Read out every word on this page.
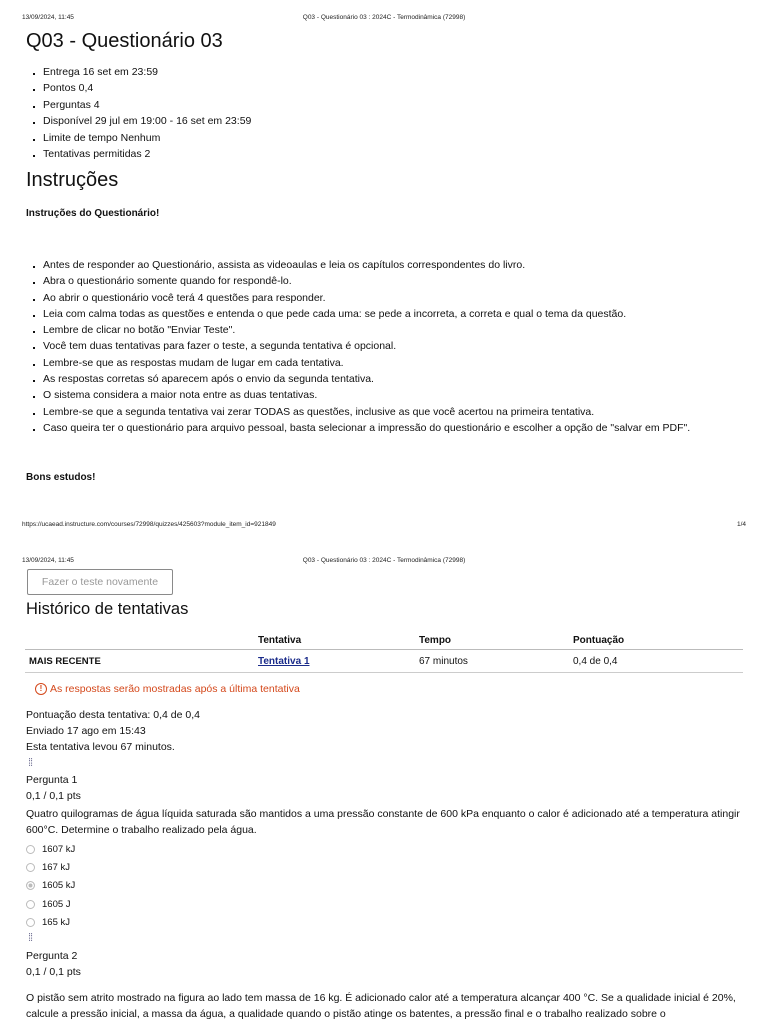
13/09/2024, 11:45	Q03 - Questionário 03 : 2024C - Termodinâmica (72998)
Q03 - Questionário 03
▪ Entrega 16 set em 23:59
▪ Pontos 0,4
▪ Perguntas 4
▪ Disponível 29 jul em 19:00 - 16 set em 23:59
▪ Limite de tempo Nenhum
▪ Tentativas permitidas 2
Instruções
Instruções do Questionário!
▪ Antes de responder ao Questionário, assista as videoaulas e leia os capítulos correspondentes do livro.
▪ Abra o questionário somente quando for respondê-lo.
▪ Ao abrir o questionário você terá 4 questões para responder.
▪ Leia com calma todas as questões e entenda o que pede cada uma: se pede a incorreta, a correta e qual o tema da questão.
▪ Lembre de clicar no botão "Enviar Teste".
▪ Você tem duas tentativas para fazer o teste, a segunda tentativa é opcional.
▪ Lembre-se que as respostas mudam de lugar em cada tentativa.
▪ As respostas corretas só aparecem após o envio da segunda tentativa.
▪ O sistema considera a maior nota entre as duas tentativas.
▪ Lembre-se que a segunda tentativa vai zerar TODAS as questões, inclusive as que você acertou na primeira tentativa.
▪ Caso queira ter o questionário para arquivo pessoal, basta selecionar a impressão do questionário e escolher a opção de "salvar em PDF".
Bons estudos!
https://ucaead.instructure.com/courses/72998/quizzes/425603?module_item_id=921849	1/4
13/09/2024, 11:45	Q03 - Questionário 03 : 2024C - Termodinâmica (72998)
Fazer o teste novamente
Histórico de tentativas
	Tentativa	Tempo	Pontuação
MAIS RECENTE	Tentativa 1	67 minutos	0,4 de 0,4
! As respostas serão mostradas após a última tentativa
Pontuação desta tentativa: 0,4 de 0,4
Enviado 17 ago em 15:43
Esta tentativa levou 67 minutos.
⁞⁞
Pergunta 1
0,1 / 0,1 pts
Quatro quilogramas de água líquida saturada são mantidos a uma pressão constante de 600 kPa enquanto o calor é adicionado até a temperatura atingir 600°C. Determine o trabalho realizado pela água.
1607 kJ
167 kJ
1605 kJ
1605 J
165 kJ
⁞⁞
Pergunta 2
0,1 / 0,1 pts
O pistão sem atrito mostrado na figura ao lado tem massa de 16 kg. É adicionado calor até a temperatura alcançar 400 °C. Se a qualidade inicial é 20%, calcule a pressão inicial, a massa da água, a qualidade quando o pistão atinge os batentes, a pressão final e o trabalho realizado sobre o
